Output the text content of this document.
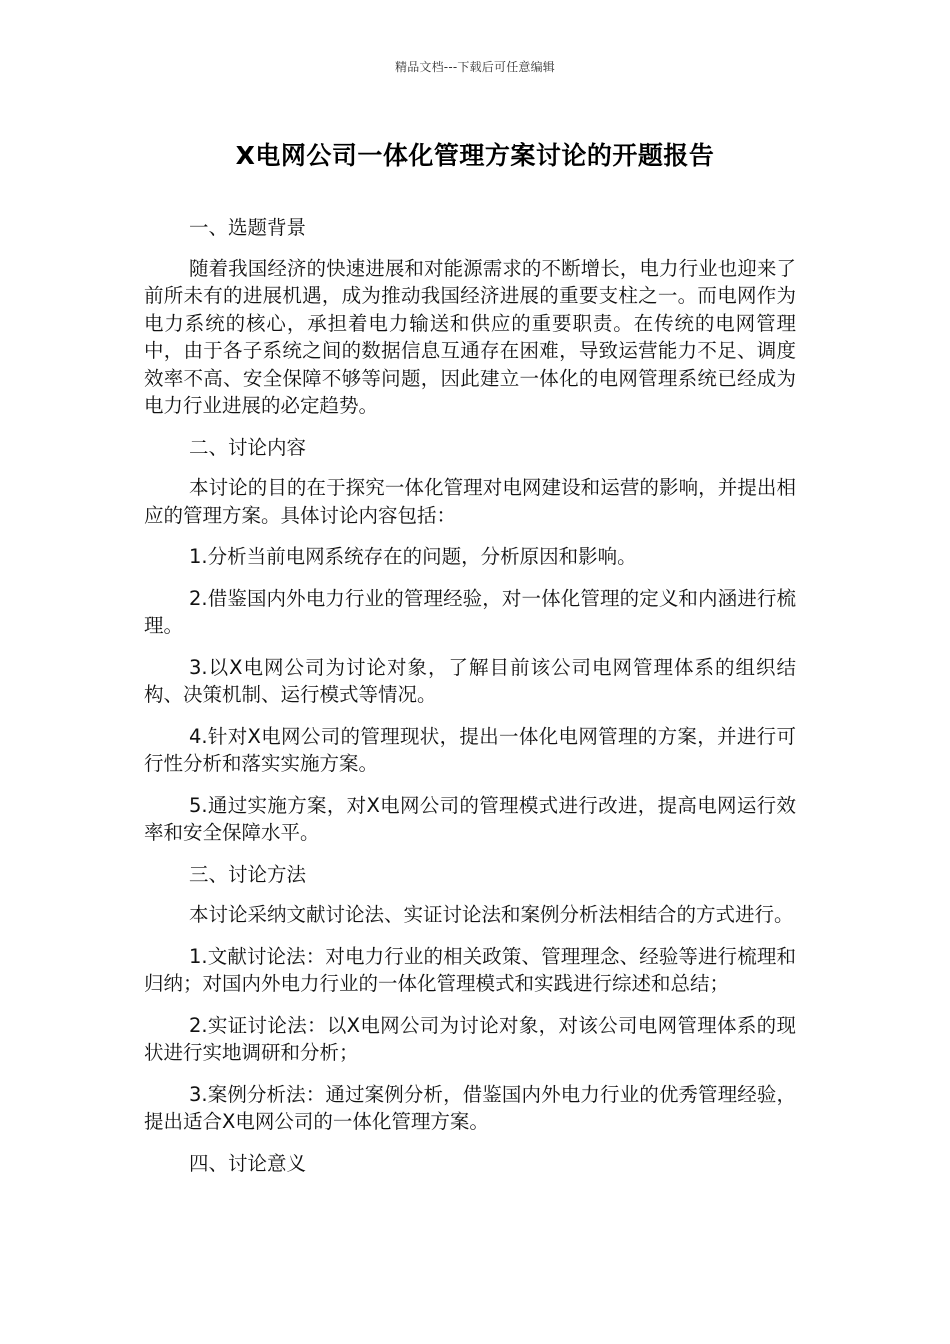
精品文档---下载后可任意编辑
X电网公司一体化管理方案讨论的开题报告

一、选题背景

随着我国经济的快速进展和对能源需求的不断增长，电力行业也迎来了前所未有的进展机遇，成为推动我国经济进展的重要支柱之一。而电网作为电力系统的核心，承担着电力输送和供应的重要职责。在传统的电网管理中，由于各子系统之间的数据信息互通存在困难，导致运营能力不足、调度效率不高、安全保障不够等问题，因此建立一体化的电网管理系统已经成为电力行业进展的必定趋势。

二、讨论内容

本讨论的目的在于探究一体化管理对电网建设和运营的影响，并提出相应的管理方案。具体讨论内容包括：

1.分析当前电网系统存在的问题，分析原因和影响。

2.借鉴国内外电力行业的管理经验，对一体化管理的定义和内涵进行梳理。

3.以X电网公司为讨论对象，了解目前该公司电网管理体系的组织结构、决策机制、运行模式等情况。

4.针对X电网公司的管理现状，提出一体化电网管理的方案，并进行可行性分析和落实实施方案。

5.通过实施方案，对X电网公司的管理模式进行改进，提高电网运行效率和安全保障水平。

三、讨论方法

本讨论采纳文献讨论法、实证讨论法和案例分析法相结合的方式进行。

1.文献讨论法：对电力行业的相关政策、管理理念、经验等进行梳理和归纳；对国内外电力行业的一体化管理模式和实践进行综述和总结；

2.实证讨论法：以X电网公司为讨论对象，对该公司电网管理体系的现状进行实地调研和分析；

3.案例分析法：通过案例分析，借鉴国内外电力行业的优秀管理经验，提出适合X电网公司的一体化管理方案。

四、讨论意义
